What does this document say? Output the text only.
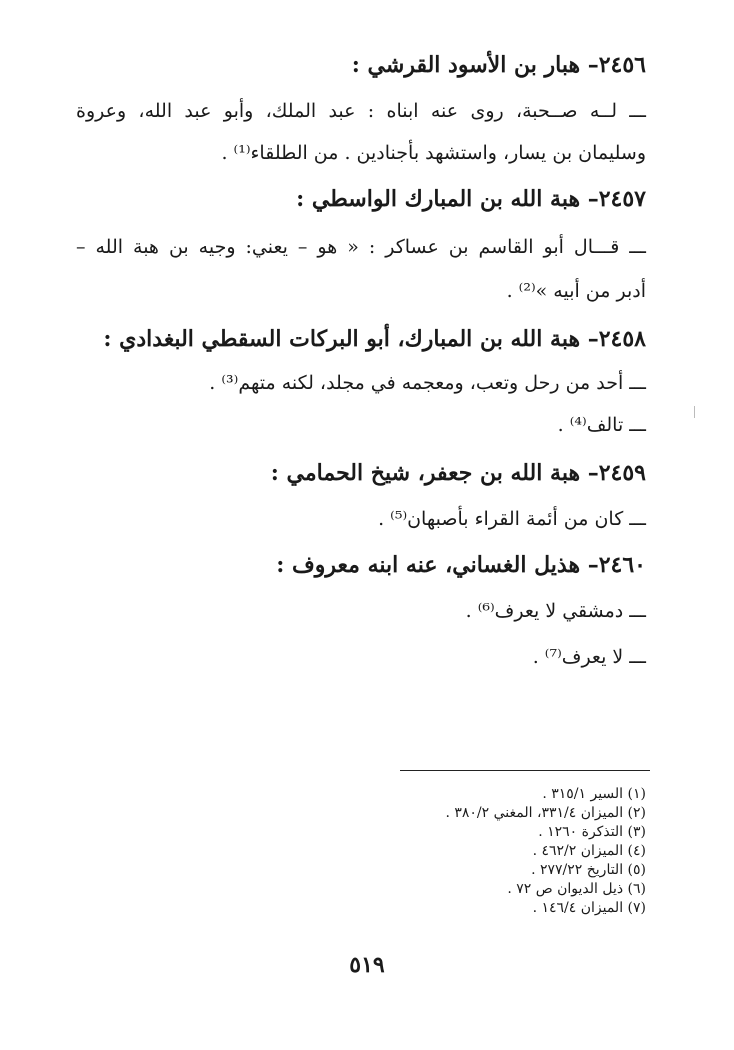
٢٤٥٦– هبار بن الأسود القرشي :
ـــ لــه صــحبة، روى عنه ابناه : عبد الملك، وأبو عبد الله، وعروة
وسليمان بن يسار، واستشهد بأجنادين . من الطلقاء⁽¹⁾ .
٢٤٥٧– هبة الله بن المبارك الواسطي :
ـــ قـــال أبو القاسم بن عساكر : « هو – يعني: وجيه بن هبة الله –
أدبر من أبيه »⁽²⁾ .
٢٤٥٨– هبة الله بن المبارك، أبو البركات السقطي البغدادي :
ـــ أحد من رحل وتعب، ومعجمه في مجلد، لكنه متهم⁽³⁾ .
ـــ تالف⁽⁴⁾ .
٢٤٥٩– هبة الله بن جعفر، شيخ الحمامي :
ـــ كان من أئمة القراء بأصبهان⁽⁵⁾ .
٢٤٦٠– هذيل الغساني، عنه ابنه معروف :
ـــ دمشقي لا يعرف⁽⁶⁾ .
ـــ لا يعرف⁽⁷⁾ .
(١) السير ٣١٥/١ .
(٢) الميزان ٣٣١/٤، المغني ٣٨٠/٢ .
(٣) التذكرة ١٢٦٠ .
(٤) الميزان ٤٦٢/٢ .
(٥) التاريخ ٢٧٧/٢٢ .
(٦) ذيل الديوان ص ٧٢ .
(٧) الميزان ١٤٦/٤ .
٥١٩
